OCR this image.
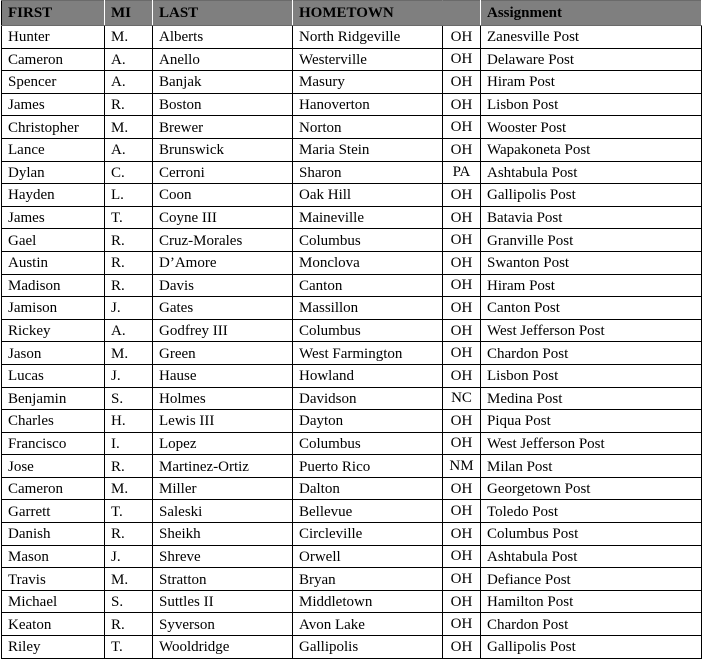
FIRST	MI	LAST	HOMETOWN		Assignment
Hunter	M.	Alberts	North Ridgeville	OH	Zanesville Post
Cameron	A.	Anello	Westerville	OH	Delaware Post
Spencer	A.	Banjak	Masury	OH	Hiram Post
James	R.	Boston	Hanoverton	OH	Lisbon Post
Christopher	M.	Brewer	Norton	OH	Wooster Post
Lance	A.	Brunswick	Maria Stein	OH	Wapakoneta Post
Dylan	C.	Cerroni	Sharon	PA	Ashtabula Post
Hayden	L.	Coon	Oak Hill	OH	Gallipolis Post
James	T.	Coyne III	Maineville	OH	Batavia Post
Gael	R.	Cruz-Morales	Columbus	OH	Granville Post
Austin	R.	D’Amore	Monclova	OH	Swanton Post
Madison	R.	Davis	Canton	OH	Hiram Post
Jamison	J.	Gates	Massillon	OH	Canton Post
Rickey	A.	Godfrey III	Columbus	OH	West Jefferson Post
Jason	M.	Green	West Farmington	OH	Chardon Post
Lucas	J.	Hause	Howland	OH	Lisbon Post
Benjamin	S.	Holmes	Davidson	NC	Medina Post
Charles	H.	Lewis III	Dayton	OH	Piqua Post
Francisco	I.	Lopez	Columbus	OH	West Jefferson Post
Jose	R.	Martinez-Ortiz	Puerto Rico	NM	Milan Post
Cameron	M.	Miller	Dalton	OH	Georgetown Post
Garrett	T.	Saleski	Bellevue	OH	Toledo Post
Danish	R.	Sheikh	Circleville	OH	Columbus Post
Mason	J.	Shreve	Orwell	OH	Ashtabula Post
Travis	M.	Stratton	Bryan	OH	Defiance Post
Michael	S.	Suttles II	Middletown	OH	Hamilton Post
Keaton	R.	Syverson	Avon Lake	OH	Chardon Post
Riley	T.	Wooldridge	Gallipolis	OH	Gallipolis Post
